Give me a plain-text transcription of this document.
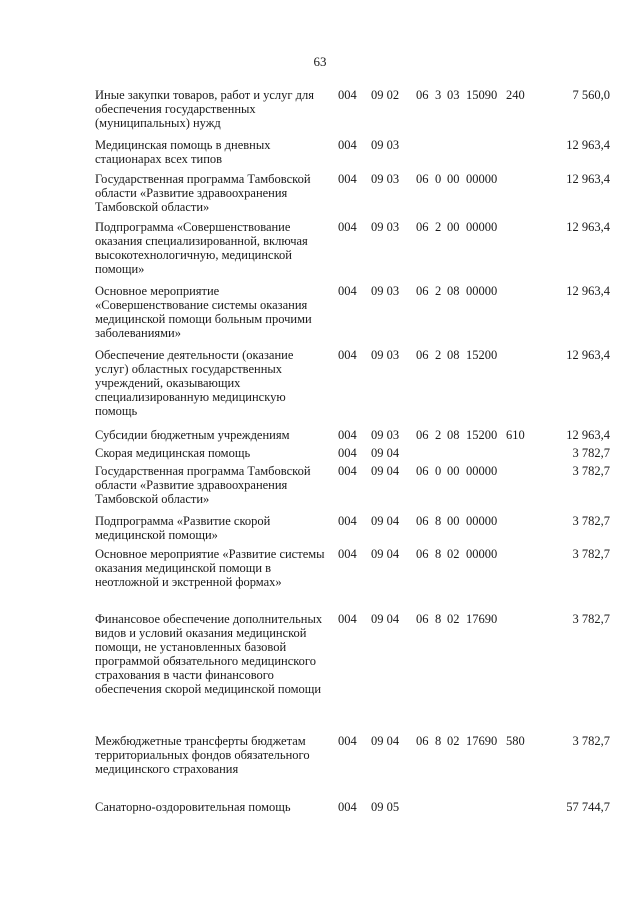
63
Иные закупки товаров, работ и услуг для обеспечения государственных (муниципальных) нужд
004 09 02 06 3 03 15090 240	7 560,0
Медицинская помощь в дневных стационарах всех типов
004 09 03	12 963,4
Государственная программа Тамбовской области «Развитие здравоохранения Тамбовской области»
004 09 03 06 0 00 00000	12 963,4
Подпрограмма «Совершенствование оказания специализированной, включая высокотехнологичную, медицинской помощи»
004 09 03 06 2 00 00000	12 963,4
Основное мероприятие «Совершенствование системы оказания медицинской помощи больным прочими заболеваниями»
004 09 03 06 2 08 00000	12 963,4
Обеспечение деятельности (оказание услуг) областных государственных учреждений, оказывающих специализированную медицинскую помощь
004 09 03 06 2 08 15200	12 963,4
Субсидии бюджетным учреждениям	004 09 03 06 2 08 15200 610	12 963,4
Скорая медицинская помощь	004 09 04	3 782,7
Государственная программа Тамбовской области «Развитие здравоохранения Тамбовской области»
004 09 04 06 0 00 00000	3 782,7
Подпрограмма «Развитие скорой медицинской помощи»
004 09 04 06 8 00 00000	3 782,7
Основное мероприятие «Развитие системы оказания медицинской помощи в неотложной и экстренной формах»
004 09 04 06 8 02 00000	3 782,7
Финансовое обеспечение дополнительных видов и условий оказания медицинской помощи, не установленных базовой программой обязательного медицинского страхования в части финансового обеспечения скорой медицинской помощи
004 09 04 06 8 02 17690	3 782,7
Межбюджетные трансферты бюджетам территориальных фондов обязательного медицинского страхования
004 09 04 06 8 02 17690 580	3 782,7
Санаторно-оздоровительная помощь	004 09 05	57 744,7
